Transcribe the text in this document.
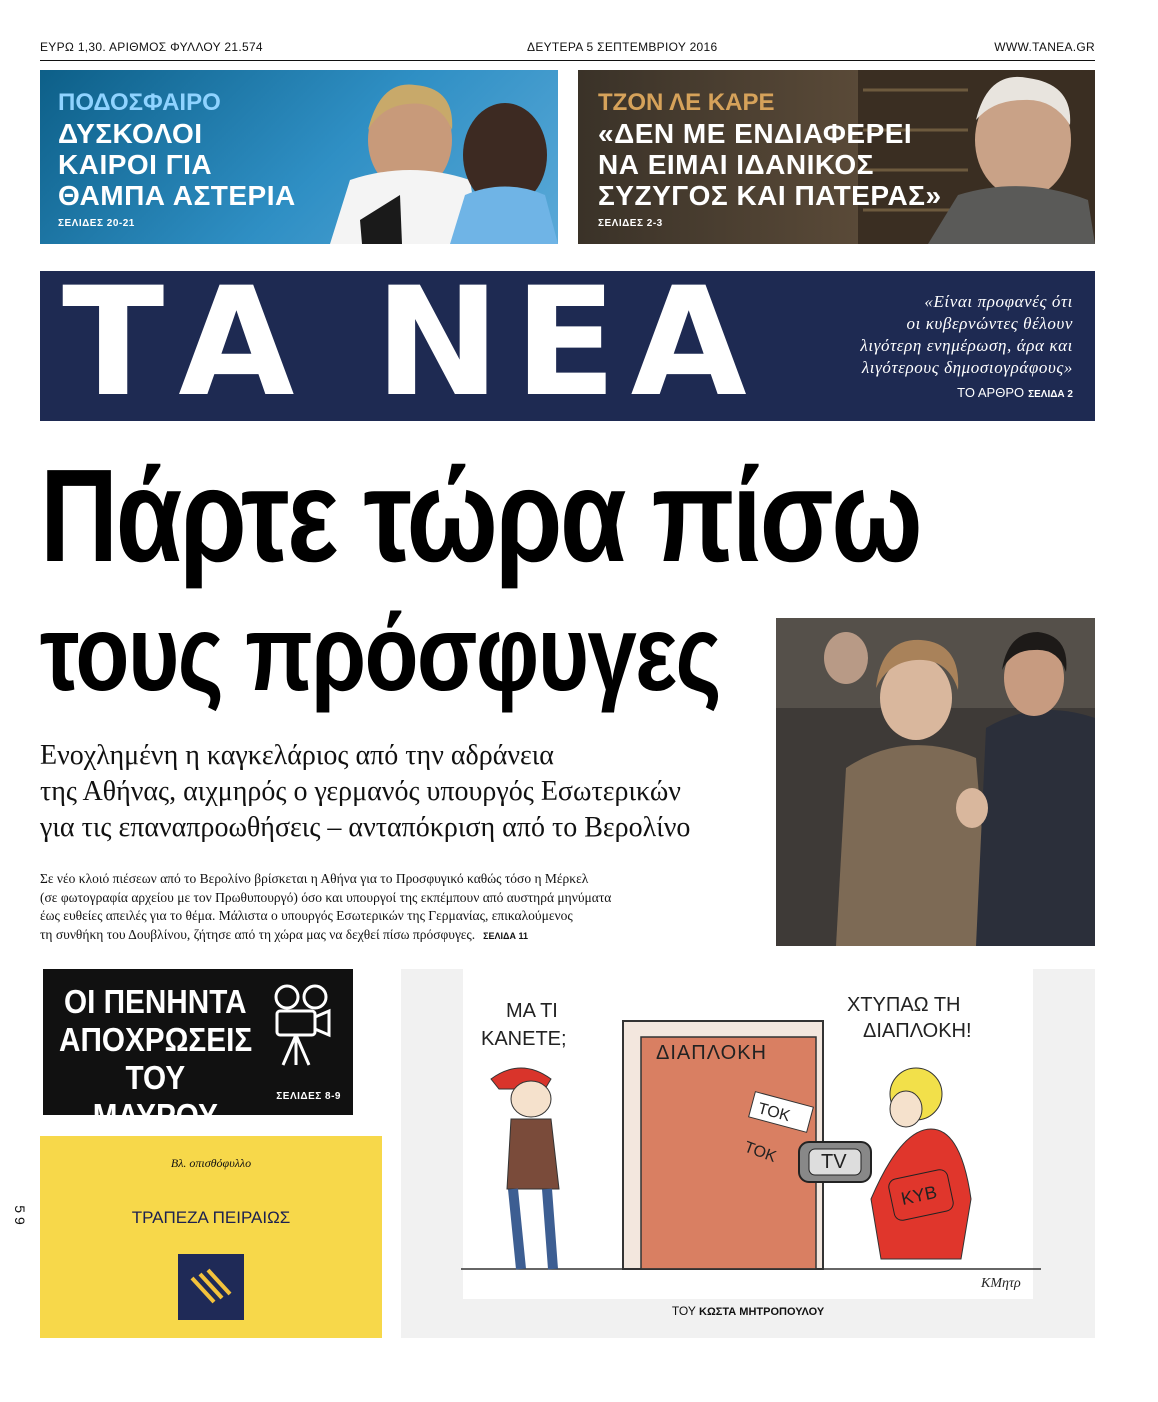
ΕΥΡΩ 1,30. ΑΡΙΘΜΟΣ ΦΥΛΛΟΥ 21.574	ΔΕΥΤΕΡΑ 5 ΣΕΠΤΕΜΒΡΙΟΥ 2016	WWW.TANEA.GR
ΠΟΔΟΣΦΑΙΡΟ
ΔΥΣΚΟΛΟΙ
ΚΑΙΡΟΙ ΓΙΑ
ΘΑΜΠΑ ΑΣΤΕΡΙΑ
ΣΕΛΙΔΕΣ 20-21
ΤΖΟΝ ΛΕ ΚΑΡΕ
«ΔΕΝ ΜΕ ΕΝΔΙΑΦΕΡΕΙ
ΝΑ ΕΙΜΑΙ ΙΔΑΝΙΚΟΣ
ΣΥΖΥΓΟΣ ΚΑΙ ΠΑΤΕΡΑΣ»
ΣΕΛΙΔΕΣ 2-3
ΤΑ ΝΕΑ	«Είναι προφανές ότι
οι κυβερνώντες θέλουν
λιγότερη ενημέρωση, άρα και
λιγότερους δημοσιογράφους»
ΤΟ ΑΡΘΡΟ ΣΕΛΙΔΑ 2
Πάρτε τώρα πίσω
τους πρόσφυγες
Ενοχλημένη η καγκελάριος από την αδράνεια
της Αθήνας, αιχμηρός ο γερμανός υπουργός Εσωτερικών
για τις επαναπροωθήσεις – ανταπόκριση από το Βερολίνο
Σε νέο κλοιό πιέσεων από το Βερολίνο βρίσκεται η Αθήνα για το Προσφυγικό καθώς τόσο η Μέρκελ
(σε φωτογραφία αρχείου με τον Πρωθυπουργό) όσο και υπουργοί της εκπέμπουν από αυστηρά μηνύματα
έως ευθείες απειλές για το θέμα. Μάλιστα ο υπουργός Εσωτερικών της Γερμανίας, επικαλούμενος
τη συνθήκη του Δουβλίνου, ζήτησε από τη χώρα μας να δεχθεί πίσω πρόσφυγες. ΣΕΛΙΔΑ 11
ΟΙ ΠΕΝΗΝΤΑ
ΑΠΟΧΡΩΣΕΙΣ
ΤΟΥ ΜΑΥΡΟΥ
ΣΕΛΙΔΕΣ 8-9
Βλ. οπισθόφυλλο
ΤΡΑΠΕΖΑ ΠΕΙΡΑΙΩΣ
ΤΟΚ
ΤΟΚ TV
ΚΥΒ
ΔΙΑΠΛΟΚΗ
ΜΑ ΤΙ
ΚΑΝΕΤΕ;
ΧΤΥΠΑΩ ΤΗ
ΔΙΑΠΛΟΚΗ!
ΚΜητρ
ΤΟΥ ΚΩΣΤΑ ΜΗΤΡΟΠΟΥΛΟΥ
5 9
